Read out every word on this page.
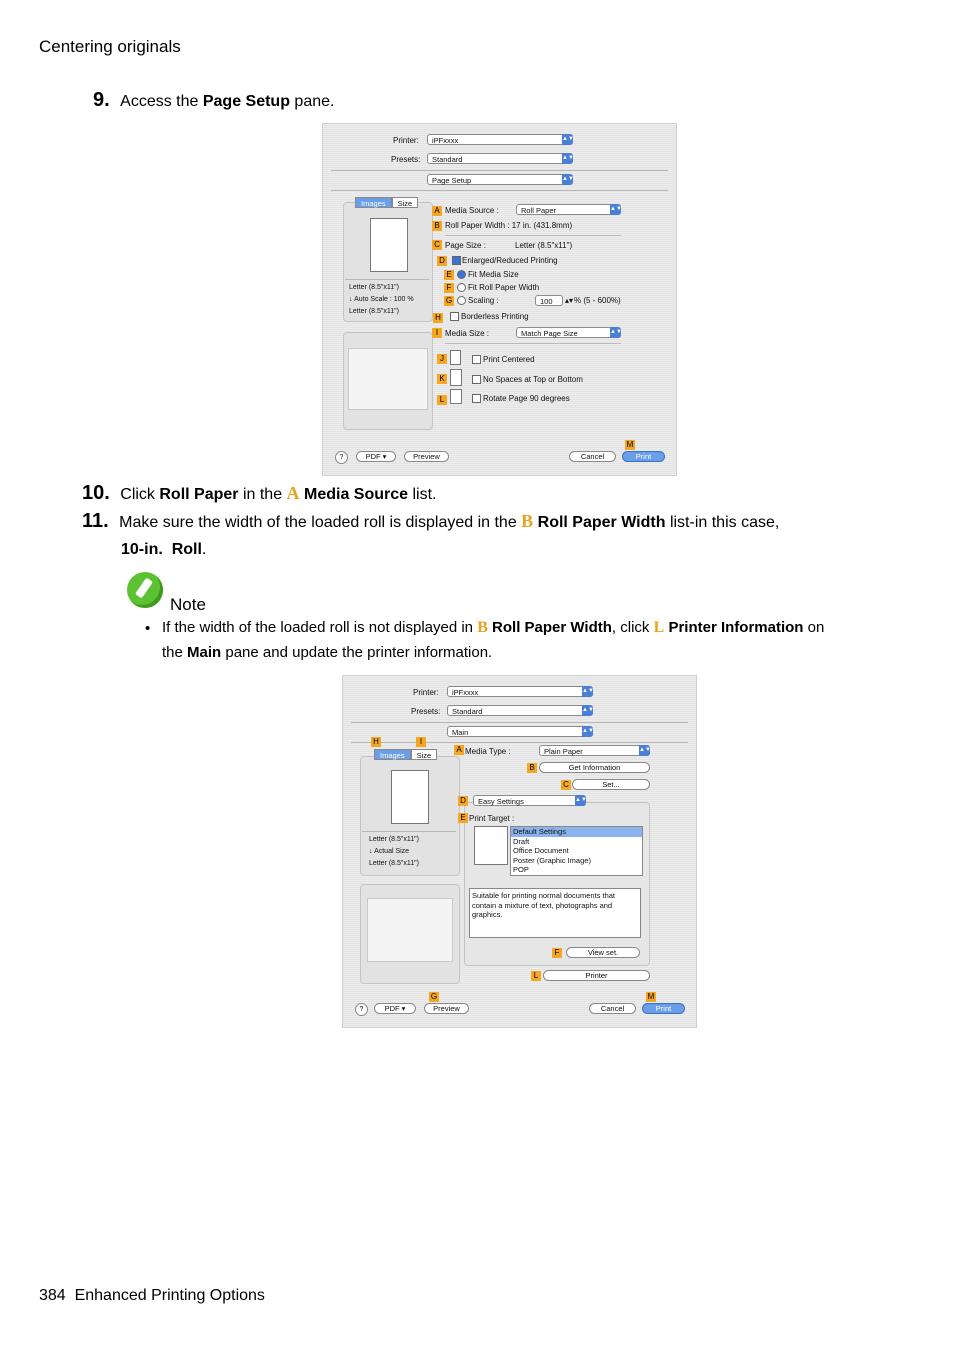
Centering originals
9. Access the Page Setup pane.
Printer:	iPFxxxx	▲▼
Presets:	Standard	▲▼
Page Setup	▲▼
Images	Size
Letter (8.5"x11")
↓ Auto Scale : 100 %
Letter (8.5"x11")
A Media Source :	Roll Paper	▲▼
B Roll Paper Width : 17 in. (431.8mm)
C Page Size :	Letter (8.5"x11")
D Enlarged/Reduced Printing
E Fit Media Size
F	Fit Roll Paper Width
G Scaling :	100	▴▾ % (5 - 600%)
H	Borderless Printing
I Media Size :	Match Page Size	▲▼
J	Print Centered
K	No Spaces at Top or Bottom
L	Rotate Page 90 degrees
M
?	PDF ▾	Preview	Cancel	Print
10. Click Roll Paper in the A Media Source list.
11. Make sure the width of the loaded roll is displayed in the B Roll Paper Width list-in this case,
10-in. Roll.
Note
• If the width of the loaded roll is not displayed in B Roll Paper Width, click L Printer Information on
the Main pane and update the printer information.
Printer:	iPFxxxx	▲▼
Presets:	Standard	▲▼
Main	▲▼
H	I
Images	Size
Letter (8.5"x11")
↓ Actual Size
Letter (8.5"x11")
A Media Type :	Plain Paper	▲▼
B	Get Information
C	Set...
D	Easy Settings	▲▼
E Print Target :
Default Settings
Draft
Office Document
Poster (Graphic Image)
POP
Suitable for printing normal documents that contain a mixture of text, photographs and graphics.
F	View set.
L	Printer
G	M
?	PDF ▾	Preview	Cancel	Print
384  Enhanced Printing Options
